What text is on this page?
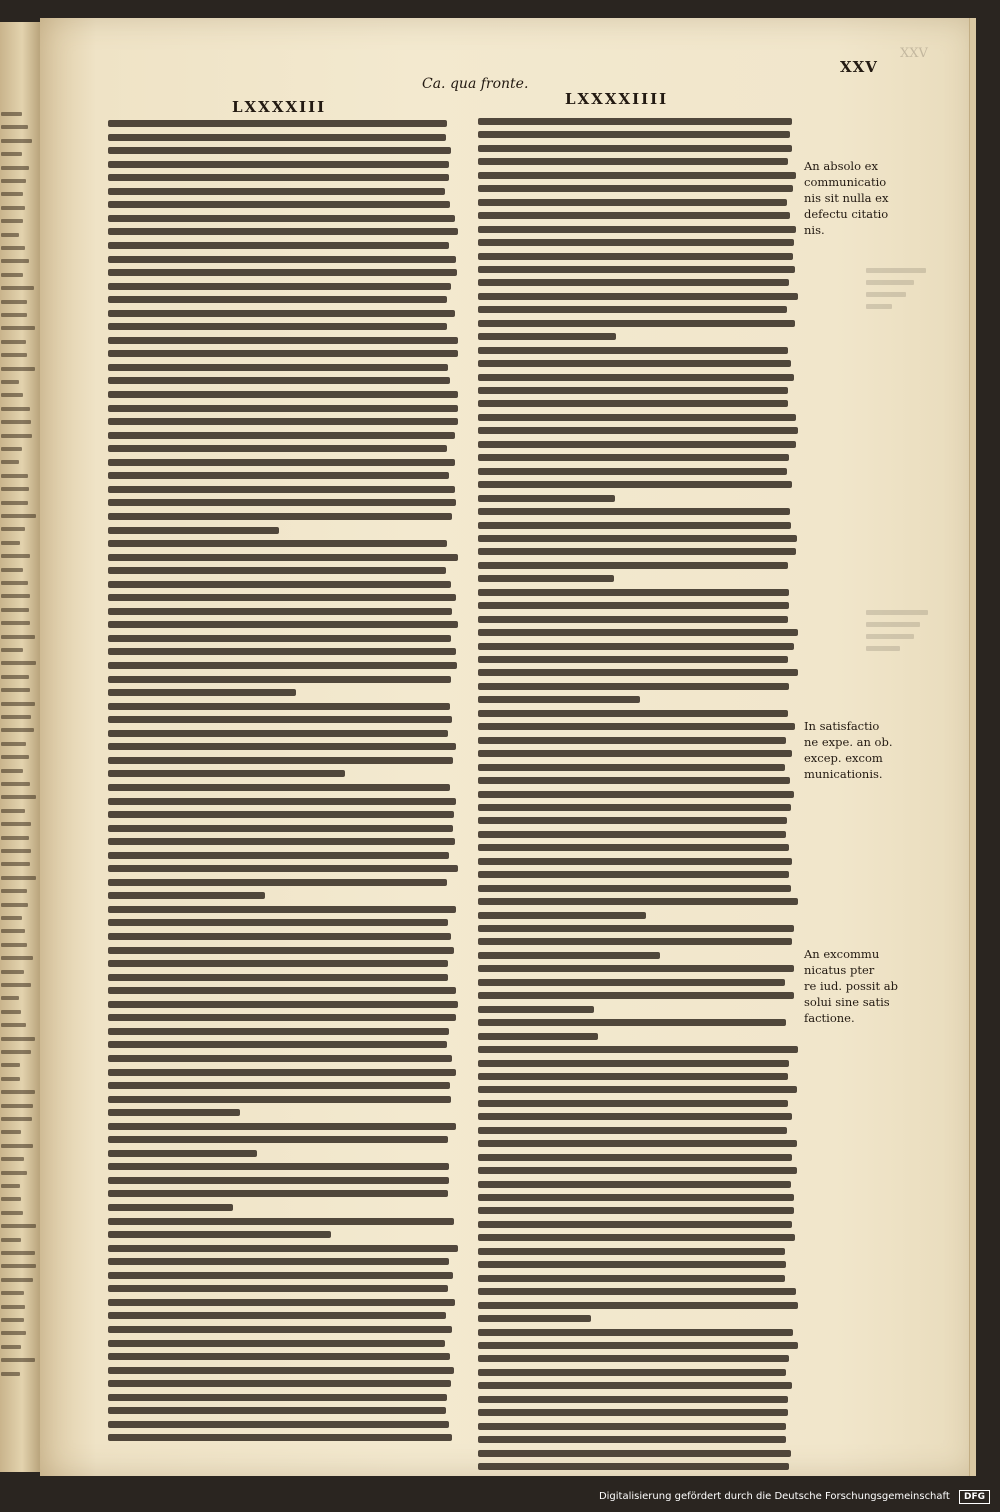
XXV
Ca. qua fronte.
XXV
LXXXXIII	LXXXXIIII
An absolo ex
communicatio
nis sit nulla ex
defectu citatio
nis.
In satisfactio
ne expe. an ob.
excep. excom
municationis.
An excommu
nicatus pter
re iud. possit ab
solui sine satis
factione.
Digitalisierung gefördert durch die Deutsche Forschungsgemeinschaft DFG
